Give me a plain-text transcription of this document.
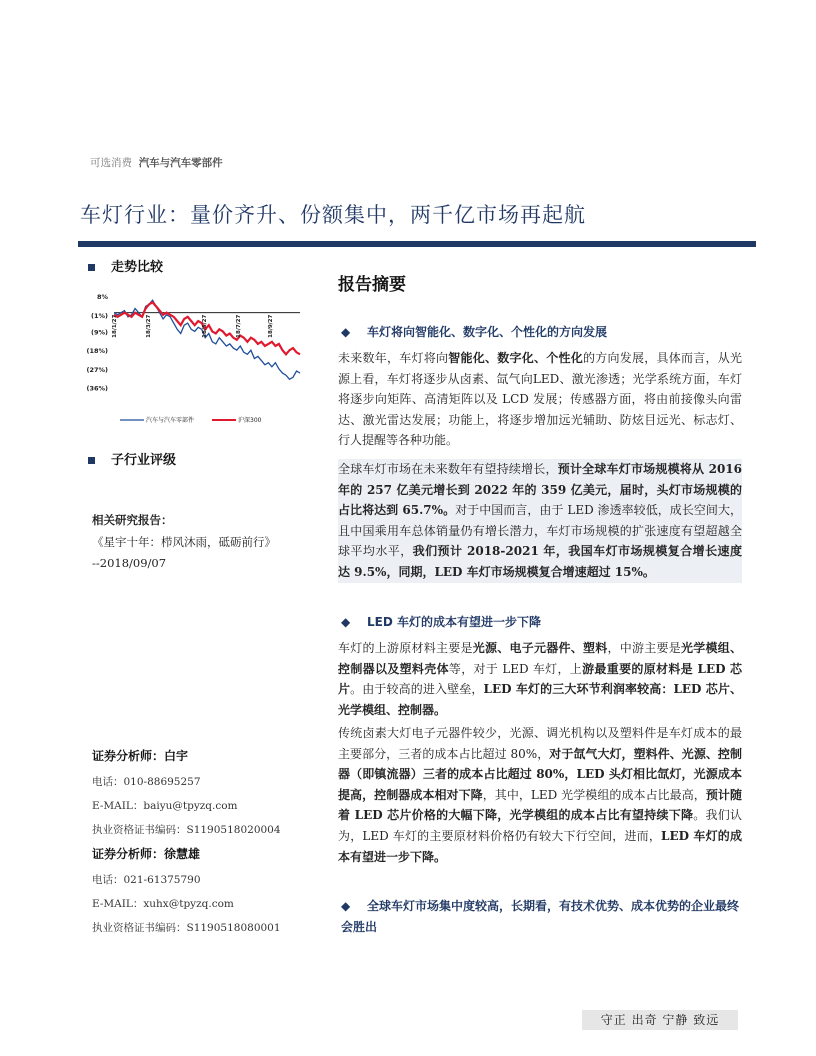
可选消费 汽车与汽车零部件
车灯行业：量价齐升、份额集中，两千亿市场再起航
走势比较
8%
(1%)
(9%)
(18%)
(27%)
(36%)
18/1/27	18/3/27	18/5/27	18/7/27	18/9/27
汽车与汽车零部件	沪深300
子行业评级
相关研究报告：
《星宇十年：栉风沐雨，砥砺前行》
--2018/09/07
证券分析师：白宇
电话：010-88695257
E-MAIL：baiyu@tpyzq.com
执业资格证书编码：S1190518020004
证券分析师：徐慧雄
电话：021-61375790
E-MAIL：xuhx@tpyzq.com
执业资格证书编码：S1190518080001
报告摘要
◆ 车灯将向智能化、数字化、个性化的方向发展
未来数年，车灯将向智能化、数字化、个性化的方向发展，具体而言，从光源上看，车灯将逐步从卤素、氙气向LED、激光渗透；光学系统方面，车灯将逐步向矩阵、高清矩阵以及 LCD 发展；传感器方面，将由前接像头向雷达、激光雷达发展；功能上，将逐步增加远光辅助、防炫目远光、标志灯、行人提醒等各种功能。
全球车灯市场在未来数年有望持续增长，预计全球车灯市场规模将从 2016 年的 257 亿美元增长到 2022 年的 359 亿美元，届时，头灯市场规模的占比将达到 65.7%。对于中国而言，由于 LED 渗透率较低，成长空间大，且中国乘用车总体销量仍有增长潜力，车灯市场规模的扩张速度有望超越全球平均水平，我们预计 2018-2021 年，我国车灯市场规模复合增长速度达 9.5%，同期，LED 车灯市场规模复合增速超过 15%。
◆ LED 车灯的成本有望进一步下降
车灯的上游原材料主要是光源、电子元器件、塑料，中游主要是光学模组、控制器以及塑料壳体等，对于 LED 车灯，上游最重要的原材料是 LED 芯片。由于较高的进入壁垒，LED 车灯的三大环节利润率较高：LED 芯片、光学模组、控制器。
传统卤素大灯电子元器件较少，光源、调光机构以及塑料件是车灯成本的最主要部分，三者的成本占比超过 80%，对于氙气大灯，塑料件、光源、控制器（即镇流器）三者的成本占比超过 80%，LED 头灯相比氙灯，光源成本提高，控制器成本相对下降，其中，LED 光学模组的成本占比最高，预计随着 LED 芯片价格的大幅下降，光学模组的成本占比有望持续下降。我们认为，LED 车灯的主要原材料价格仍有较大下行空间，进而，LED 车灯的成本有望进一步下降。
◆ 全球车灯市场集中度较高，长期看，有技术优势、成本优势的企业最终会胜出
守正 出奇 宁静 致远
